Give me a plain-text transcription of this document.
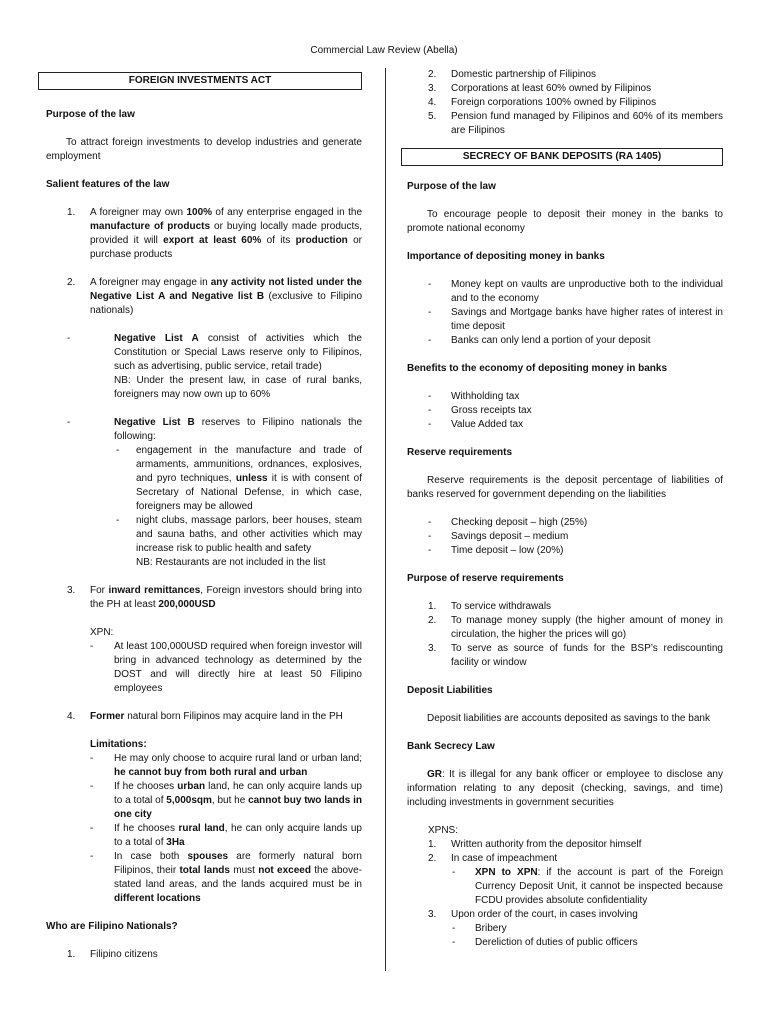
Commercial Law Review (Abella)
FOREIGN INVESTMENTS ACT

Purpose of the law

To attract foreign investments to develop industries and generate employment

Salient features of the law

1. A foreigner may own 100% of any enterprise engaged in the manufacture of products or buying locally made products, provided it will export at least 60% of its production or purchase products

2. A foreigner may engage in any activity not listed under the Negative List A and Negative list B (exclusive to Filipino nationals)

-	Negative List A consist of activities which the Constitution or Special Laws reserve only to Filipinos, such as advertising, public service, retail trade)

NB: Under the present law, in case of rural banks, foreigners may now own up to 60%

-	Negative List B reserves to Filipino nationals the following:

- engagement in the manufacture and trade of armaments, ammunitions, ordnances, explosives, and pyro techniques, unless it is with consent of Secretary of National Defense, in which case, foreigners may be allowed

- night clubs, massage parlors, beer houses, steam and sauna baths, and other activities which may increase risk to public health and safety

NB: Restaurants are not included in the list

3. For inward remittances, Foreign investors should bring into the PH at least 200,000USD

XPN:

- At least 100,000USD required when foreign investor will bring in advanced technology as determined by the DOST and will directly hire at least 50 Filipino employees

4. Former natural born Filipinos may acquire land in the PH

Limitations:

- He may only choose to acquire rural land or urban land; he cannot buy from both rural and urban

- If he chooses urban land, he can only acquire lands up to a total of 5,000sqm, but he cannot buy two lands in one city

- If he chooses rural land, he can only acquire lands up to a total of 3Ha

- In case both spouses are formerly natural born Filipinos, their total lands must not exceed the above-stated land areas, and the lands acquired must be in different locations

Who are Filipino Nationals?

1. Filipino citizens

2. Domestic partnership of Filipinos

3. Corporations at least 60% owned by Filipinos

4. Foreign corporations 100% owned by Filipinos

5. Pension fund managed by Filipinos and 60% of its members are Filipinos

SECRECY OF BANK DEPOSITS (RA 1405)

Purpose of the law

To encourage people to deposit their money in the banks to promote national economy

Importance of depositing money in banks

- Money kept on vaults are unproductive both to the individual and to the economy

- Savings and Mortgage banks have higher rates of interest in time deposit

- Banks can only lend a portion of your deposit

Benefits to the economy of depositing money in banks

- Withholding tax

- Gross receipts tax

- Value Added tax

Reserve requirements

Reserve requirements is the deposit percentage of liabilities of banks reserved for government depending on the liabilities

- Checking deposit – high (25%)

- Savings deposit – medium

- Time deposit – low (20%)

Purpose of reserve requirements

1. To service withdrawals

2. To manage money supply (the higher amount of money in circulation, the higher the prices will go)

3. To serve as source of funds for the BSP’s rediscounting facility or window

Deposit Liabilities

Deposit liabilities are accounts deposited as savings to the bank

Bank Secrecy Law

GR: It is illegal for any bank officer or employee to disclose any information relating to any deposit (checking, savings, and time) including investments in government securities

XPNS:

1. Written authority from the depositor himself

2. In case of impeachment

- XPN to XPN: if the account is part of the Foreign Currency Deposit Unit, it cannot be inspected because FCDU provides absolute confidentiality

3. Upon order of the court, in cases involving

- Bribery

- Dereliction of duties of public officers
